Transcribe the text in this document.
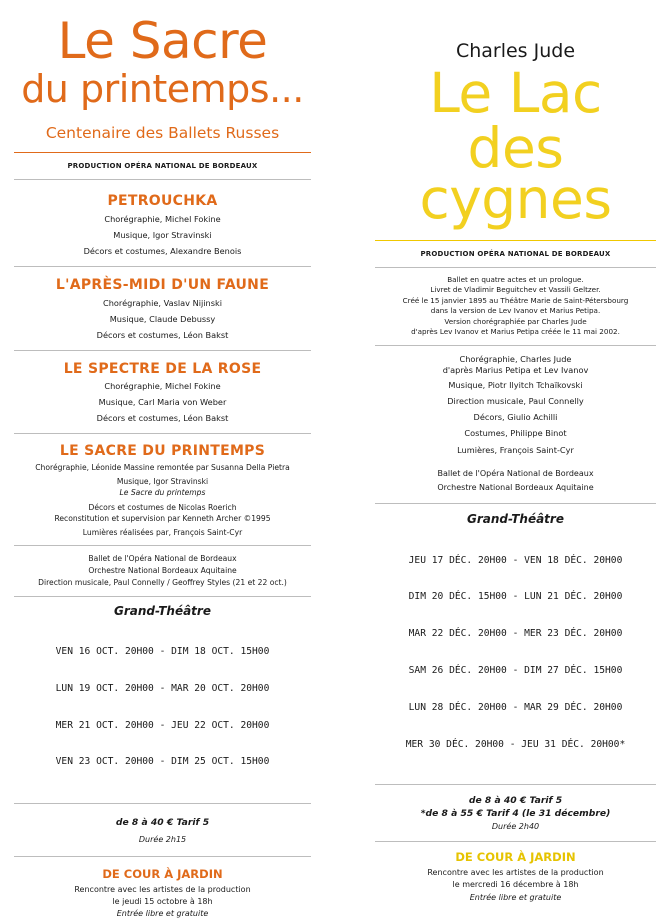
Le Sacre
du printemps...
Centenaire des Ballets Russes
PRODUCTION OPÉRA NATIONAL DE BORDEAUX
PETROUCHKA
Chorégraphie, Michel Fokine
Musique, Igor Stravinski
Décors et costumes, Alexandre Benois
L'APRÈS-MIDI D'UN FAUNE
Chorégraphie, Vaslav Nijinski
Musique, Claude Debussy
Décors et costumes, Léon Bakst
LE SPECTRE DE LA ROSE
Chorégraphie, Michel Fokine
Musique, Carl Maria von Weber
Décors et costumes, Léon Bakst
LE SACRE DU PRINTEMPS
Chorégraphie, Léonide Massine remontée par Susanna Della Pietra
Musique, Igor Stravinski
Le Sacre du printemps
Décors et costumes de Nicolas Roerich
Reconstitution et supervision par Kenneth Archer ©1995
Lumières réalisées par, François Saint-Cyr
Ballet de l'Opéra National de Bordeaux
Orchestre National Bordeaux Aquitaine
Direction musicale, Paul Connelly / Geoffrey Styles (21 et 22 oct.)
Grand-Théâtre

VEN 16 OCT. 20H00 - DIM 18 OCT. 15H00

LUN 19 OCT. 20H00 - MAR 20 OCT. 20H00

MER 21 OCT. 20H00 - JEU 22 OCT. 20H00

VEN 23 OCT. 20H00 - DIM 25 OCT. 15H00

de 8 à 40 € Tarif 5
Durée 2h15
DE COUR À JARDIN
Rencontre avec les artistes de la production
le jeudi 15 octobre à 18h
Entrée libre et gratuite
Charles Jude
Le Lac des
cygnes
PRODUCTION OPÉRA NATIONAL DE BORDEAUX
Ballet en quatre actes et un prologue.
Livret de Vladimir Beguitchev et Vassili Geltzer.
Créé le 15 janvier 1895 au Théâtre Marie de Saint-Pétersbourg
dans la version de Lev Ivanov et Marius Petipa.
Version chorégraphiée par Charles Jude
d'après Lev Ivanov et Marius Petipa créée le 11 mai 2002.
Chorégraphie, Charles Jude
d'après Marius Petipa et Lev Ivanov
Musique, Piotr Ilyitch Tchaïkovski
Direction musicale, Paul Connelly
Décors, Giulio Achilli
Costumes, Philippe Binot
Lumières, François Saint-Cyr
Ballet de l'Opéra National de Bordeaux
Orchestre National Bordeaux Aquitaine
Grand-Théâtre

JEU 17 DÉC. 20H00 - VEN 18 DÉC. 20H00

DIM 20 DÉC. 15H00 - LUN 21 DÉC. 20H00

MAR 22 DÉC. 20H00 - MER 23 DÉC. 20H00

SAM 26 DÉC. 20H00 - DIM 27 DÉC. 15H00

LUN 28 DÉC. 20H00 - MAR 29 DÉC. 20H00

MER 30 DÉC. 20H00 - JEU 31 DÉC. 20H00*

de 8 à 40 € Tarif 5
*de 8 à 55 € Tarif 4 (le 31 décembre)
Durée 2h40
DE COUR À JARDIN
Rencontre avec les artistes de la production
le mercredi 16 décembre à 18h
Entrée libre et gratuite
